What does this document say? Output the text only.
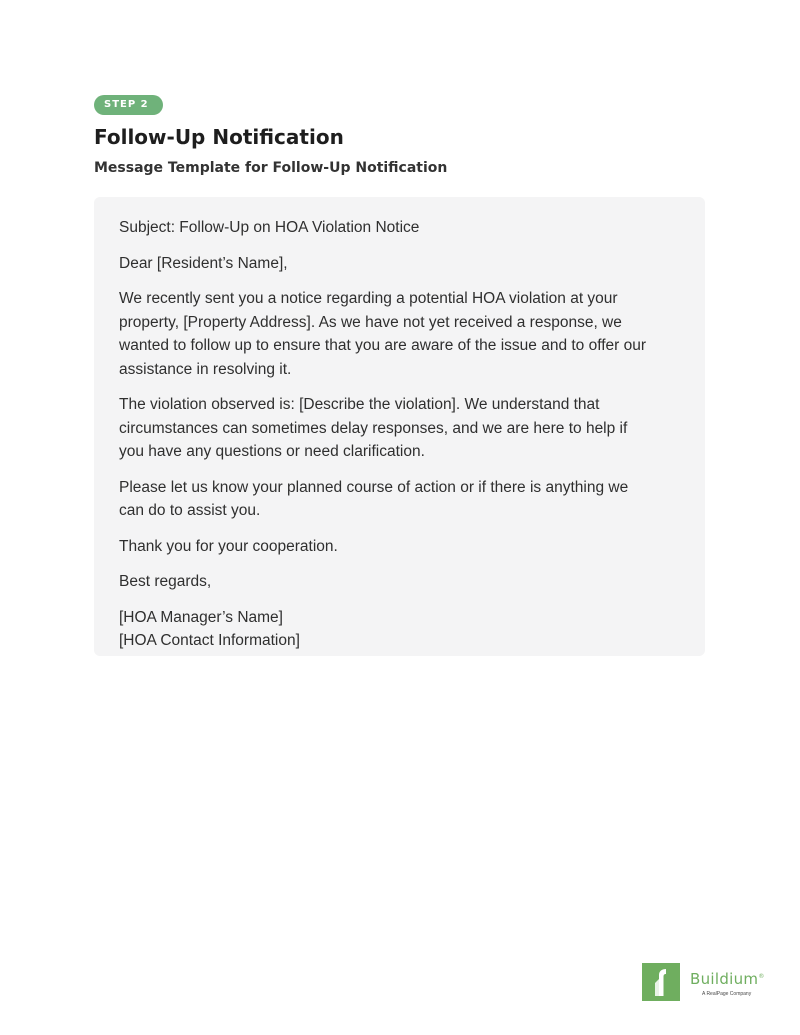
STEP 2
Follow-Up Notification
Message Template for Follow-Up Notification

Subject: Follow-Up on HOA Violation Notice

Dear [Resident’s Name],

We recently sent you a notice regarding a potential HOA violation at your property, [Property Address]. As we have not yet received a response, we wanted to follow up to ensure that you are aware of the issue and to offer our assistance in resolving it.

The violation observed is: [Describe the violation]. We understand that circumstances can sometimes delay responses, and we are here to help if you have any questions or need clarification.

Please let us know your planned course of action or if there is anything we can do to assist you.

Thank you for your cooperation.

Best regards,

[HOA Manager’s Name]
[HOA Contact Information]

Buildium®
A RealPage Company
